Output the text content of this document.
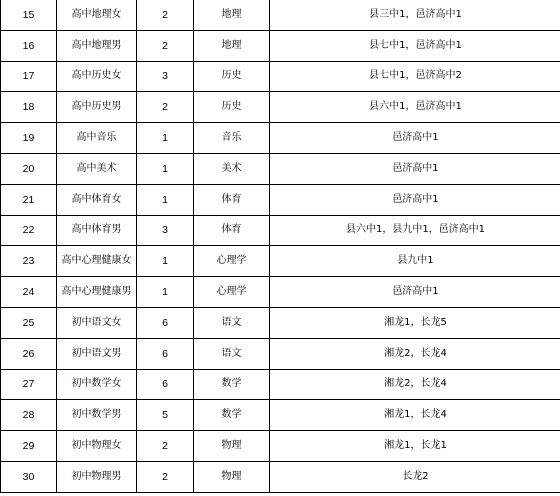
15	高中地理女	2	地理	县三中1，邑济高中1
16	高中地理男	2	地理	县七中1，邑济高中1
17	高中历史女	3	历史	县七中1，邑济高中2
18	高中历史男	2	历史	县六中1，邑济高中1
19	高中音乐	1	音乐	邑济高中1
20	高中美术	1	美术	邑济高中1
21	高中体育女	1	体育	邑济高中1
22	高中体育男	3	体育	县六中1，县九中1，邑济高中1
23	高中心理健康女	1	心理学	县九中1
24	高中心理健康男	1	心理学	邑济高中1
25	初中语文女	6	语文	湘龙1，长龙5
26	初中语文男	6	语文	湘龙2，长龙4
27	初中数学女	6	数学	湘龙2，长龙4
28	初中数学男	5	数学	湘龙1，长龙4
29	初中物理女	2	物理	湘龙1，长龙1
30	初中物理男	2	物理	长龙2
